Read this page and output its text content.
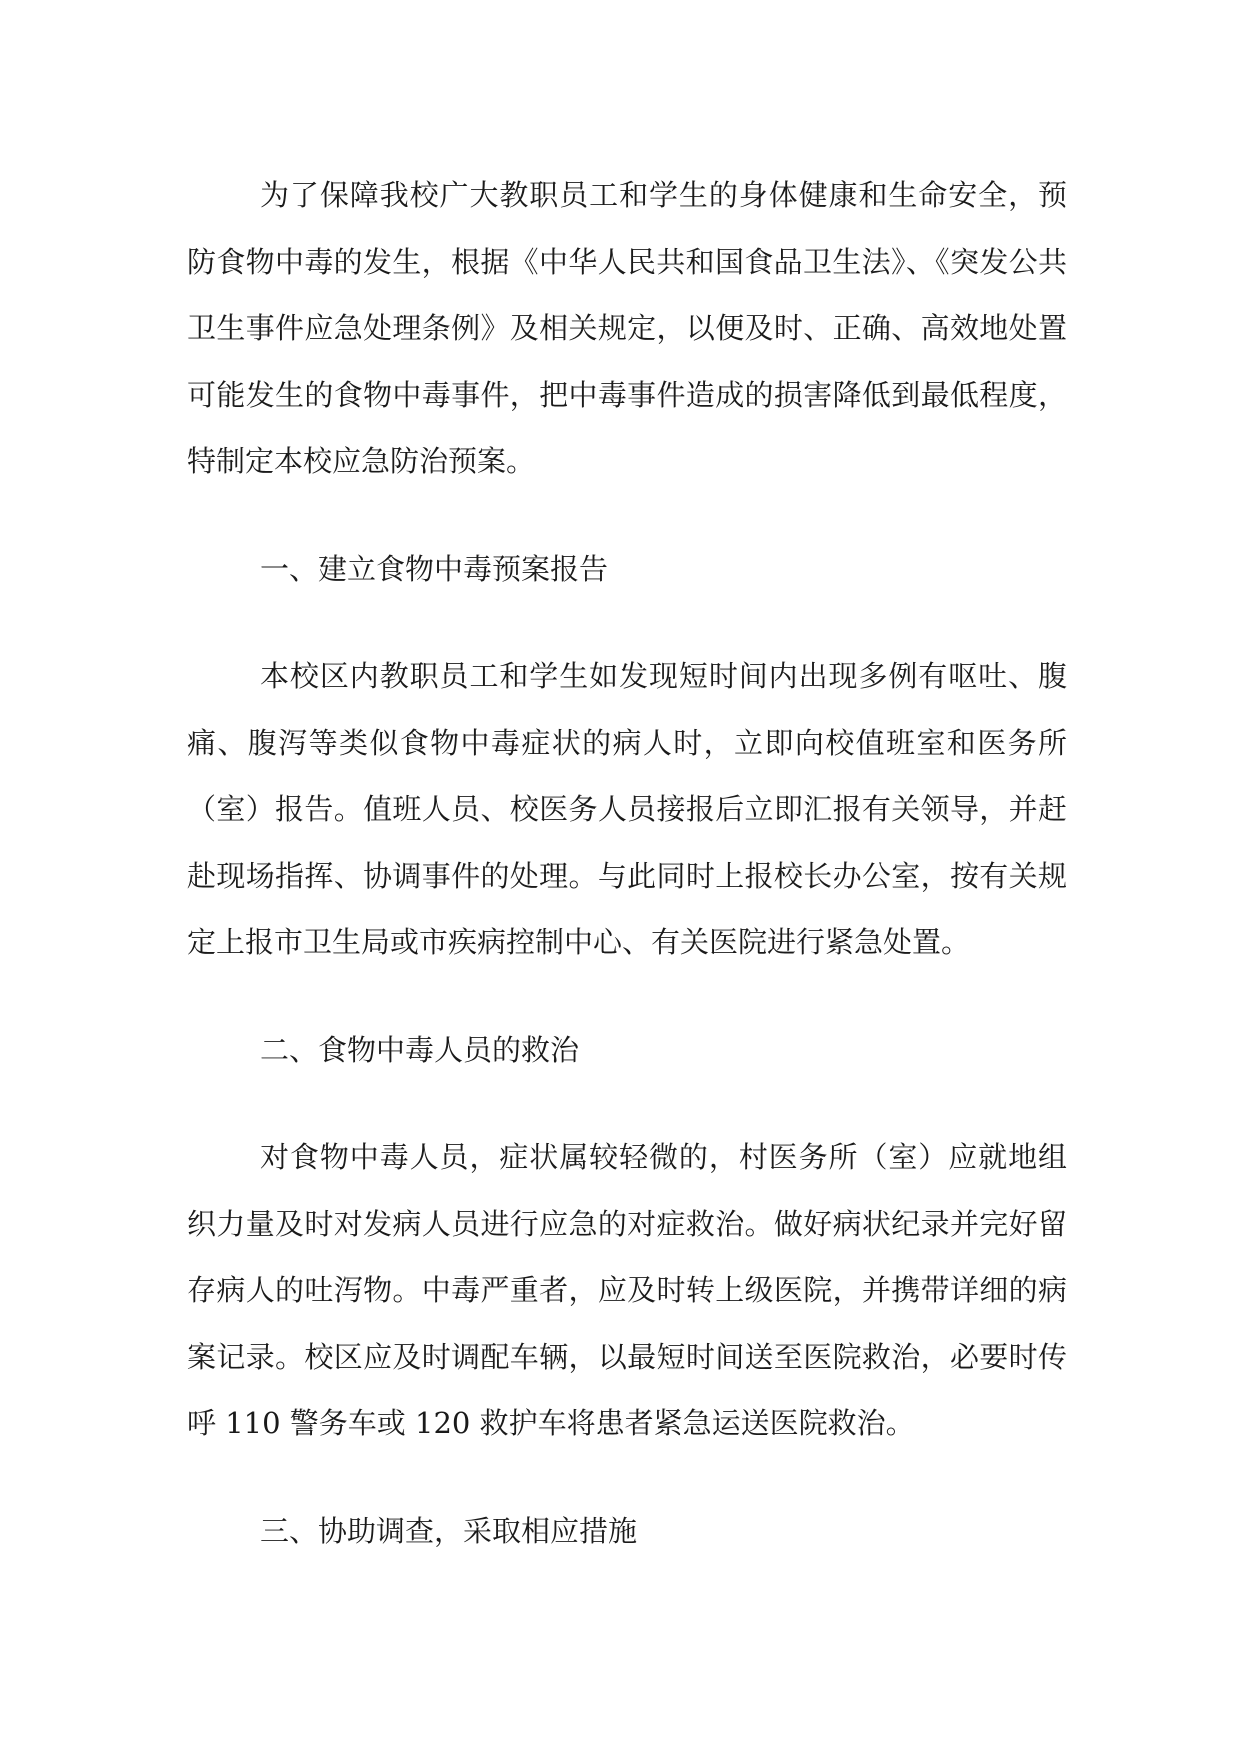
为了保障我校广大教职员工和学生的身体健康和生命安全，预防食物中毒的发生，根据《中华人民共和国食品卫生法》、《突发公共卫生事件应急处理条例》及相关规定，以便及时、正确、高效地处置可能发生的食物中毒事件，把中毒事件造成的损害降低到最低程度，特制定本校应急防治预案。

一、建立食物中毒预案报告

本校区内教职员工和学生如发现短时间内出现多例有呕吐、腹痛、腹泻等类似食物中毒症状的病人时，立即向校值班室和医务所（室）报告。值班人员、校医务人员接报后立即汇报有关领导，并赶赴现场指挥、协调事件的处理。与此同时上报校长办公室，按有关规定上报市卫生局或市疾病控制中心、有关医院进行紧急处置。

二、食物中毒人员的救治

对食物中毒人员，症状属较轻微的，村医务所（室）应就地组织力量及时对发病人员进行应急的对症救治。做好病状纪录并完好留存病人的吐泻物。中毒严重者，应及时转上级医院，并携带详细的病案记录。校区应及时调配车辆，以最短时间送至医院救治，必要时传呼 110 警务车或 120 救护车将患者紧急运送医院救治。

三、协助调查，采取相应措施
